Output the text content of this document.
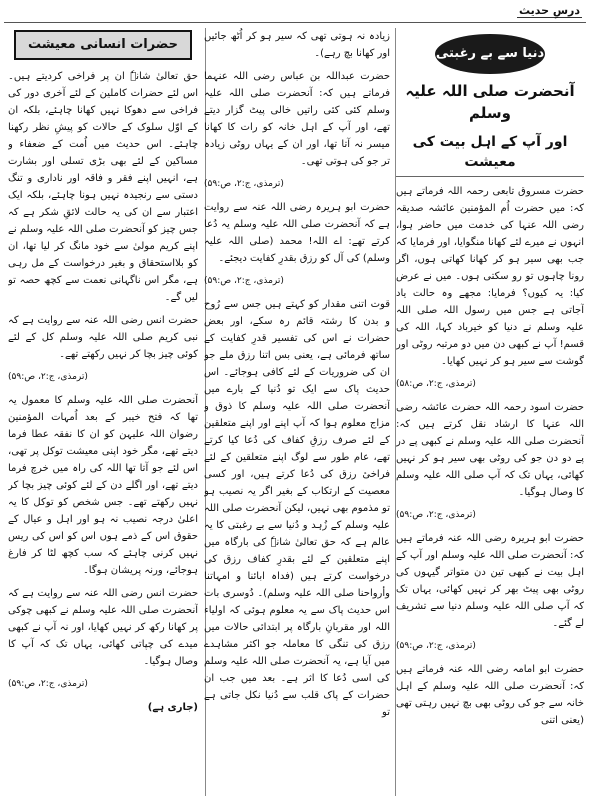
درسِ حدیث
دنیا سے بے رغبتی
آنحضرت صلی اللہ علیہ وسلم
اور آپ کے اہل بیت کی معیشت

حضرت مسروق تابعی رحمہ اللہ فرماتے ہیں کہ: میں حضرت اُم المؤمنین عائشہ صدیقہ رضی اللہ عنہا کی خدمت میں حاضر ہوا، انہوں نے میرے لئے کھانا منگوایا، اور فرمایا کہ جب بھی سیر ہو کر کھانا کھاتی ہوں، اگر رونا چاہوں تو رو سکتی ہوں۔ میں نے عرض کیا: یہ کیوں؟ فرمایا: مجھے وہ حالت یاد آجاتی ہے جس میں رسول اللہ صلی اللہ علیہ وسلم نے دنیا کو خیرباد کہا، اللہ کی قسم! آپ نے کبھی دن میں دو مرتبہ روٹی اور گوشت سے سیر ہو کر نہیں کھایا۔

(ترمذی، ج:۲، ص:۵۸)

حضرت اسود رحمہ اللہ حضرت عائشہ رضی اللہ عنہا کا ارشاد نقل کرتے ہیں کہ: آنحضرت صلی اللہ علیہ وسلم نے کبھی پے در پے دو دن جو کی روٹی بھی سیر ہو کر نہیں کھائی، یہاں تک کہ آپ صلی اللہ علیہ وسلم کا وصال ہوگیا۔

(ترمذی، ج:۲، ص:۵۹)

حضرت ابو ہریرہ رضی اللہ عنہ فرماتے ہیں کہ: آنحضرت صلی اللہ علیہ وسلم اور آپ کے اہل بیت نے کبھی تین دن متواتر گیہوں کی روٹی بھی پیٹ بھر کر نہیں کھائی، یہاں تک کہ آپ صلی اللہ علیہ وسلم دنیا سے تشریف لے گئے۔

(ترمذی، ج:۲، ص:۵۹)

حضرت ابو امامہ رضی اللہ عنہ فرماتے ہیں کہ: آنحضرت صلی اللہ علیہ وسلم کے اہل خانہ سے جو کی روٹی بھی بچ نہیں رہتی تھی (یعنی اتنی

زیادہ نہ ہوتی تھی کہ سیر ہو کر اُٹھ جائیں اور کھانا بچ رہے)۔

حضرت عبداللہ بن عباس رضی اللہ عنہما فرماتے ہیں کہ: آنحضرت صلی اللہ علیہ وسلم کئی کئی راتیں خالی پیٹ گزار دیتے تھے، اور آپ کے اہل خانہ کو رات کا کھانا میسر نہ آتا تھا، اور ان کے یہاں روٹی زیادہ تر جو کی ہوتی تھی۔

(ترمذی، ج:۲، ص:۵۹)

حضرت ابو ہریرہ رضی اللہ عنہ سے روایت ہے کہ آنحضرت صلی اللہ علیہ وسلم یہ دُعا کرتے تھے: اے اللہ! محمد (صلی اللہ علیہ وسلم) کی آل کو رزق بقدرِ کفایت دیجئے۔

(ترمذی، ج:۲، ص:۵۹)

قوت اتنی مقدار کو کہتے ہیں جس سے رُوح و بدن کا رشتہ قائم رہ سکے، اور بعض حضرات نے اس کی تفسیر قدرِ کفایت کے ساتھ فرمائی ہے، یعنی بس اتنا رزق ملے جو ان کی ضروریات کے لئے کافی ہوجائے۔ اس حدیث پاک سے ایک تو دُنیا کے بارے میں آنحضرت صلی اللہ علیہ وسلم کا ذوق و مزاج معلوم ہوا کہ آپ اپنے اور اپنے متعلقین کے لئے صرف رزقِ کفاف کی دُعا کیا کرتے تھے، عام طور سے لوگ اپنے متعلقین کے لئے فراخیٔ رزق کی دُعا کرتے ہیں، اور کسی معصیت کے ارتکاب کے بغیر اگر یہ نصیب ہو تو مذموم بھی نہیں، لیکن آنحضرت صلی اللہ علیہ وسلم کے زُہد و دُنیا سے بے رغبتی کا یہ عالم ہے کہ حق تعالیٰ شانہٗ کی بارگاہ میں اپنے متعلقین کے لئے بقدرِ کفاف رزق کی درخواست کرتے ہیں (فداہ ابائنا و امہاتنا وأرواحنا صلی اللہ علیہ وسلم)۔ دُوسری بات اس حدیث پاک سے یہ معلوم ہوئی کہ اولیاء اللہ اور مقربانِ بارگاہ پر ابتدائی حالات میں رزق کی تنگی کا معاملہ جو اکثر مشاہدے میں آیا ہے، یہ آنحضرت صلی اللہ علیہ وسلم کی اسی دُعا کا اثر ہے۔ بعد میں جب ان حضرات کے پاک قلب سے دُنیا نکل جاتی ہے تو

حضرات انسانی معیشت

حق تعالیٰ شانہٗ ان پر فراخی کردیتے ہیں۔ اس لئے حضرات کاملین کے لئے آخری دور کی فراخی سے دھوکا نہیں کھانا چاہئے، بلکہ ان کے اوّل سلوک کے حالات کو پیشِ نظر رکھنا چاہئے۔ اس حدیث میں اُمت کے ضعفاء و مساکین کے لئے بھی بڑی تسلی اور بشارت ہے، انہیں اپنے فقر و فاقہ اور ناداری و تنگ دستی سے رنجیدہ نہیں ہونا چاہئے، بلکہ ایک اعتبار سے ان کی یہ حالت لائقِ شکر ہے کہ جس چیز کو آنحضرت صلی اللہ علیہ وسلم نے اپنے کریم مولیٰ سے خود مانگ کر لیا تھا، ان کو بلااستحقاق و بغیر درخواست کے مل رہی ہے، مگر اس ناگہانی نعمت سے کچھ حصہ تو لیں گے۔

حضرت انس رضی اللہ عنہ سے روایت ہے کہ نبی کریم صلی اللہ علیہ وسلم کل کے لئے کوئی چیز بچا کر نہیں رکھتے تھے۔

(ترمذی، ج:۲، ص:۵۹)

آنحضرت صلی اللہ علیہ وسلم کا معمول یہ تھا کہ فتح خیبر کے بعد اُمہات المؤمنین رضوان اللہ علیہن کو ان کا نفقہ عطا فرما دیتے تھے، مگر خود اپنی معیشت توکل پر تھی، اس لئے جو آتا تھا اللہ کی راہ میں خرچ فرما دیتے تھے، اور اگلے دن کے لئے کوئی چیز بچا کر نہیں رکھتے تھے۔ جس شخص کو توکل کا یہ اعلیٰ درجہ نصیب نہ ہو اور اہل و عیال کے حقوق اس کے ذمے ہوں اس کو اس کی ریس نہیں کرنی چاہئے کہ سب کچھ لٹا کر فارغ ہوجائے، ورنہ پریشان ہوگا۔

حضرت انس رضی اللہ عنہ سے روایت ہے کہ آنحضرت صلی اللہ علیہ وسلم نے کبھی چوکی پر کھانا رکھ کر نہیں کھایا، اور نہ آپ نے کبھی میدے کی چپاتی کھائی، یہاں تک کہ آپ کا وصال ہوگیا۔

(ترمذی، ج:۲، ص:۵۹)
(جاری ہے)
